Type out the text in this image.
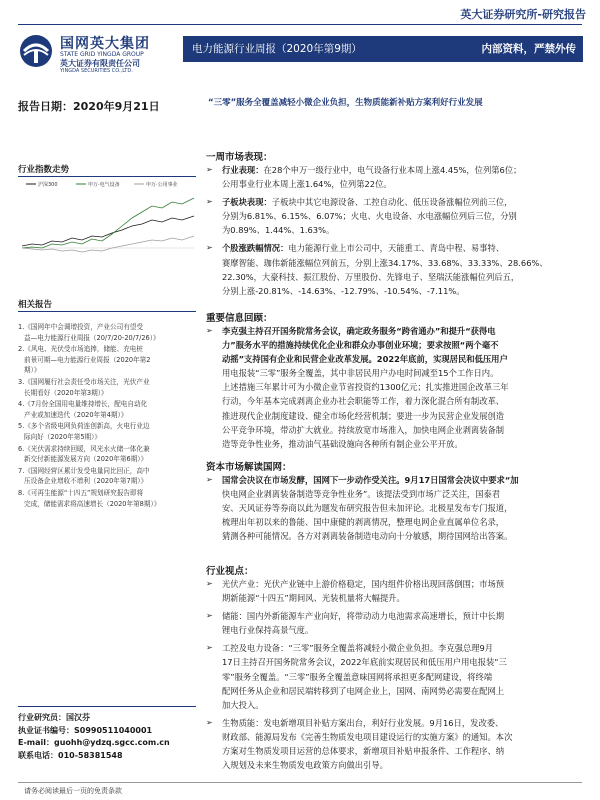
英大证券研究所-研究报告
国网英大集团
STATE GRID YINGDA GROUP
英大证券有限责任公司
YINGDA SECURITIES CO.,LTD.
电力能源行业周报（2020年第9期）	内部资料，严禁外传
报告日期：2020年9月21日	“三零”服务全覆盖减轻小微企业负担，生物质能新补贴方案利好行业发展
行业指数走势
沪深300	申万·电气设备	申万·公用事业
相关报告
1.《国网年中会调增投资，产业公司有望受
益—电力能源行业周报（20/7/20-20/7/26）》
2.《风电、光伏受市场追捧，储能、充电桩
前景可期—电力能源行业周报（2020年第2
期）》
3.《国网履行社会责任受市场关注，光伏产业
长期看好（2020年第3期）》
4.《7月份全国用电量维持增长，配电自动化
产业或加速迭代（2020年第4期）》
5.《多个省级电网负荷连创新高，火电行业边
际向好（2020年第5期）》
6.《光伏需求持续回暖，风光水火储一体化兼
新交付新能源发展方向（2020年第6期）》
7.《国网经营区累计发受电量同比回正，高中
压设备企业增收不增利（2020年第7期）》
8.《可再生能源“十四五”规划研究报告即将
完成，储能需求将高速增长（2020年第8期）》
行业研究员：国汉芬
执业证书编号：S0990511040001
E-mail：guohh@ydzq.sgcc.com.cn
联系电话：010-58381548
一周市场表现：
➢ 行业表现：在28个申万一级行业中，电气设备行业本周上涨4.45%，位列第6位；
公用事业行业本周上涨1.64%，位列第22位。
➢ 子板块表现：子板块中其它电源设备、工控自动化、低压设备涨幅位列前三位，
分别为6.81%、6.15%、6.07%；火电、火电设备、水电涨幅位列后三位，分别
为0.89%、1.44%、1.63%。
➢ 个股涨跌幅情况：电力能源行业上市公司中，天能重工、青岛中程、易事特、
赛摩智能、珈伟新能涨幅位列前五，分别上涨34.17%、33.68%、33.33%、28.66%、
22.30%，大豪科技、振江股份、万里股份、先锋电子、坚瑞沃能涨幅位列后五，
分别上涨-20.81%、-14.63%、-12.79%、-10.54%、-7.11%。
重要信息回顾：
➢ 李克强主持召开国务院常务会议，确定政务服务“跨省通办”和提升“获得电
力”服务水平的措施持续优化企业和群众办事创业环境；要求按照“两个毫不
动摇”支持国有企业和民营企业改革发展。2022年底前，实现居民和低压用户
用电报装“三零”服务全覆盖，其中非居民用户办电时间减至15个工作日内。
上述措施三年累计可为小微企业节省投资约1300亿元；扎实推进国企改革三年
行动，今年基本完成剥离企业办社会职能等工作，着力深化混合所有制改革、
推进现代企业制度建设、健全市场化经营机制；要进一步为民营企业发展创造
公平竞争环境，带动扩大就业。持续放宽市场准入，加快电网企业剥离装备制
造等竞争性业务，推动油气基础设施向各种所有制企业公平开放。
资本市场解读国网：
➢ 国常会决议在市场发酵，国网下一步动作受关注。9月17日国常会决议中要求“加
快电网企业剥离装备制造等竞争性业务”。该提法受到市场广泛关注，国泰君
安、天风证券等券商以此为题发布研究报告但未加评论。北极星发布专门报道，
梳理出年初以来的鲁能、国中康健的剥离情况，整理电网企业直属单位名录，
猜测各种可能情况。各方对剥离装备制造电动向十分敏感，期待国网给出答案。
行业视点：
➢ 光伏产业：光伏产业链中上游价格稳定，国内组件价格出现回落倒围；市场预
期新能源“十四五”期间风、光装机量将大幅提升。
➢ 储能：国内外新能源车产业向好，将带动动力电池需求高速增长，预计中长期
锂电行业保持高景气度。
➢ 工控及电力设备：“三零”服务全覆盖将减轻小微企业负担。李克强总理9月
17日主持召开国务院常务会议，2022年底前实现居民和低压用户用电报装“三
零”服务全覆盖。“三零”服务全覆盖意味国网将承担更多配网建设，将终端
配网任务从企业和居民端转移到了电网企业上，国网、南网势必需要在配网上
加大投入。
➢ 生物质能：发电新增项目补贴方案出台，利好行业发展。9月16日，发改委、
财政部、能源局发布《完善生物质发电项目建设运行的实施方案》的通知。本次
方案对生物质发项目运营的总体要求，新增项目补贴申报条件、工作程序、纳
入规划及未来生物质发电政策方向做出引导。
请务必阅读最后一页的免责条款
